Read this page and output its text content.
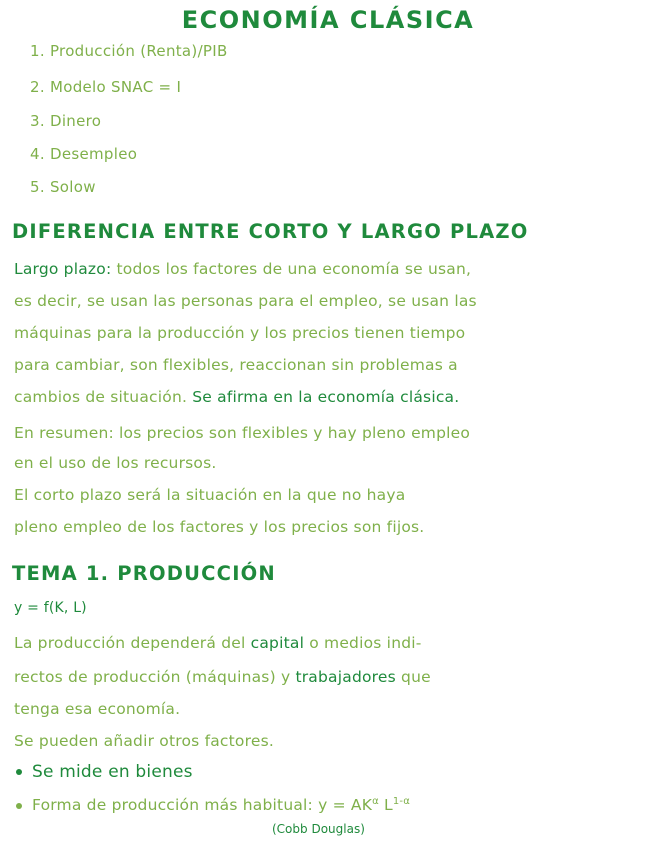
ECONOMÍA CLÁSICA
1. Producción (Renta)/PIB
2. Modelo SNAC = I
3. Dinero
4. Desempleo
5. Solow
DIFERENCIA ENTRE CORTO Y LARGO PLAZO
Largo plazo: todos los factores de una economía se usan,
es decir, se usan las personas para el empleo, se usan las
máquinas para la producción y los precios tienen tiempo
para cambiar, son flexibles, reaccionan sin problemas a
cambios de situación. Se afirma en la economía clásica.
En resumen: los precios son flexibles y hay pleno empleo
en el uso de los recursos.
El corto plazo será la situación en la que no haya
pleno empleo de los factores y los precios son fijos.
TEMA 1. PRODUCCIÓN
y = f(K, L)
La producción dependerá del capital o medios indi-
rectos de producción (máquinas) y trabajadores que
tenga esa economía.
Se pueden añadir otros factores.
Se mide en bienes
Forma de producción más habitual: $y = AK^\alpha$ $L^{1-\alpha}$
(Cobb Douglas)
